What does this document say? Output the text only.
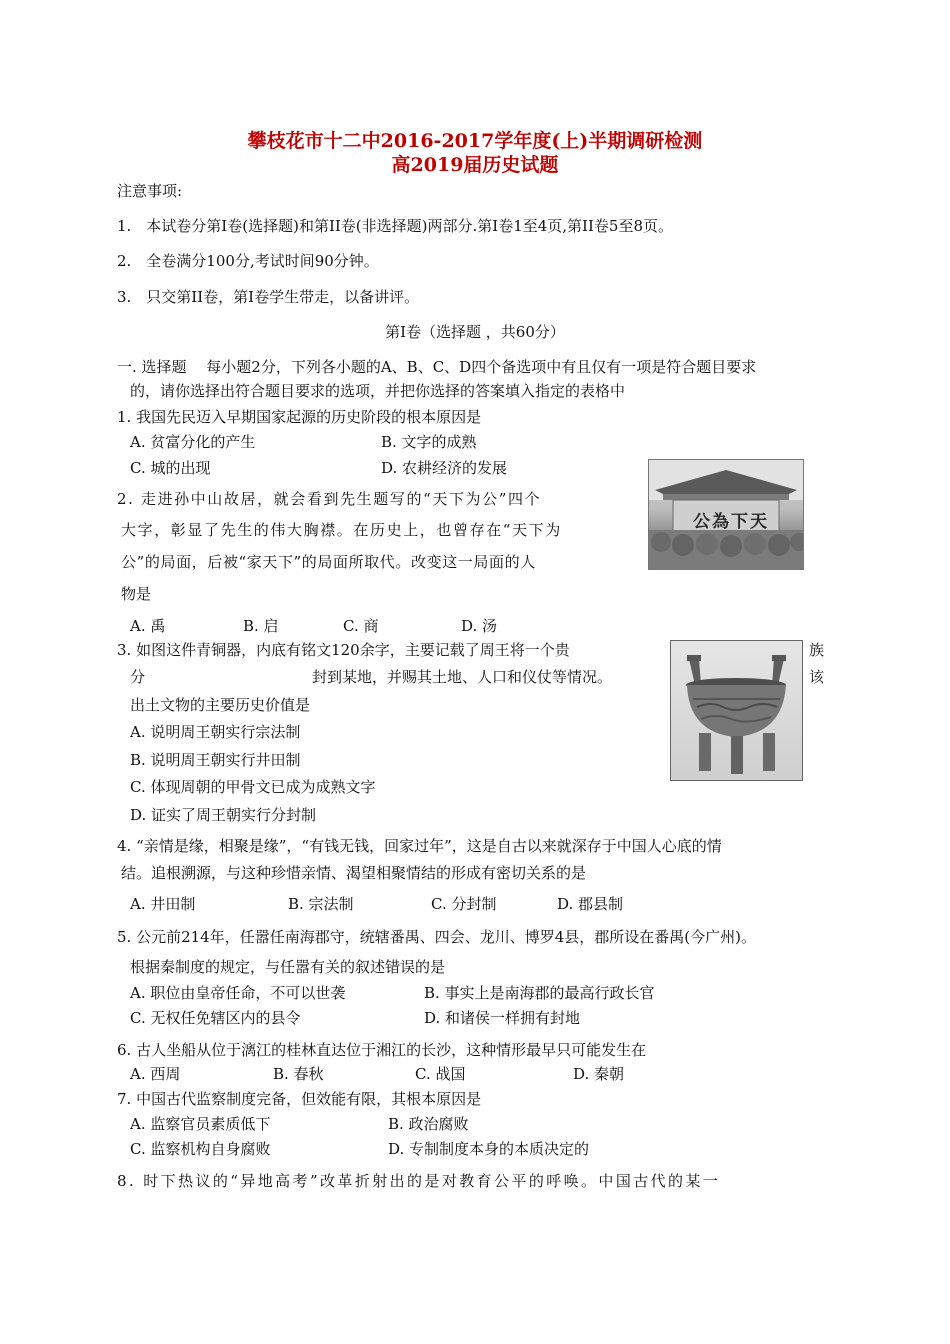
攀枝花市十二中2016-2017学年度(上)半期调研检测
高2019届历史试题
注意事项:
1.　本试卷分第I卷(选择题)和第II卷(非选择题)两部分.第I卷1至4页,第II卷5至8页。
2.　全卷满分100分,考试时间90分钟。
3.　只交第II卷，第I卷学生带走，以备讲评。
第I卷（选择题 ，共60分）
一. 选择题　 每小题2分，下列各小题的A、B、C、D四个备选项中有且仅有一项是符合题目要求
的，请你选择出符合题目要求的选项，并把你选择的答案填入指定的表格中
1. 我国先民迈入早期国家起源的历史阶段的根本原因是
A. 贫富分化的产生	B. 文字的成熟
C. 城的出现	D. 农耕经济的发展
公為下天
2. 走进孙中山故居，就会看到先生题写的“天下为公”四个
大字，彰显了先生的伟大胸襟。在历史上，也曾存在“天下为
公”的局面，后被“家天下”的局面所取代。改变这一局面的人
物是
A. 禹	B. 启	C. 商	D. 汤
3. 如图这件青铜器，内底有铭文120余字，主要记载了周王将一个贵	族
分	封到某地，并赐其土地、人口和仪仗等情况。	该
出土文物的主要历史价值是
A. 说明周王朝实行宗法制
B. 说明周王朝实行井田制
C. 体现周朝的甲骨文已成为成熟文字
D. 证实了周王朝实行分封制
4. “亲情是缘，相聚是缘”，“有钱无钱，回家过年”，这是自古以来就深存于中国人心底的情
结。追根溯源，与这种珍惜亲情、渴望相聚情结的形成有密切关系的是
A. 井田制	B. 宗法制	C. 分封制	D. 郡县制
5. 公元前214年，任嚣任南海郡守，统辖番禺、四会、龙川、博罗4县，郡所设在番禺(今广州)。
根据秦制度的规定，与任嚣有关的叙述错误的是
A. 职位由皇帝任命，不可以世袭	B. 事实上是南海郡的最高行政长官
C. 无权任免辖区内的县令	D. 和诸侯一样拥有封地
6. 古人坐船从位于漓江的桂林直达位于湘江的长沙，这种情形最早只可能发生在
A. 西周	B. 春秋	C. 战国	D. 秦朝
7. 中国古代监察制度完备，但效能有限，其根本原因是
A. 监察官员素质低下	B. 政治腐败
C. 监察机构自身腐败	D. 专制制度本身的本质决定的
8. 时下热议的“异地高考”改革折射出的是对教育公平的呼唤。中国古代的某一
